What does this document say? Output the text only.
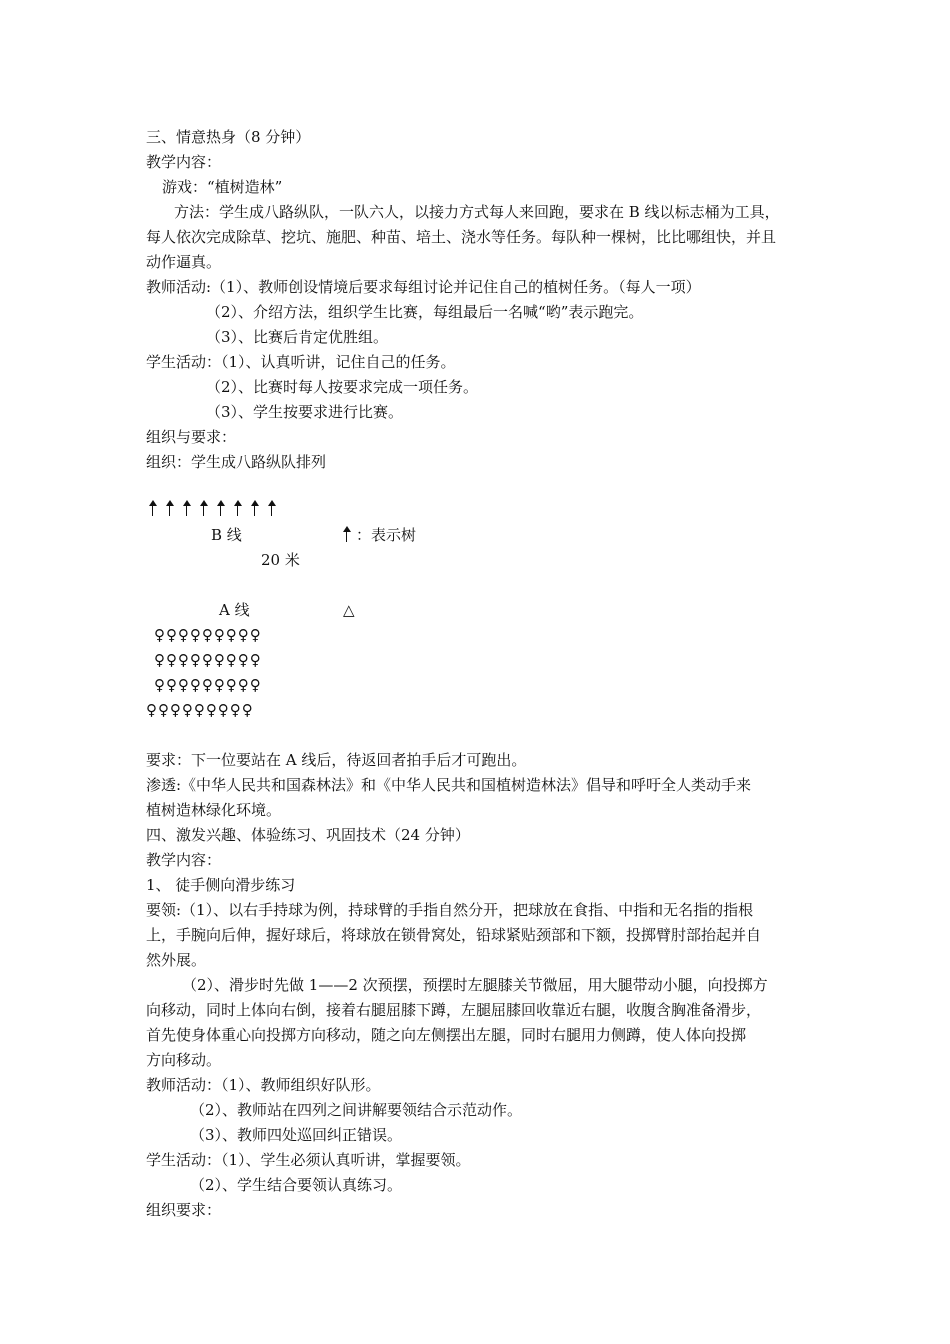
三、情意热身（8 分钟）
教学内容：
游戏：“植树造林”
方法：学生成八路纵队，一队六人，以接力方式每人来回跑，要求在 B 线以标志桶为工具，
每人依次完成除草、挖坑、施肥、种苗、培土、浇水等任务。每队种一棵树，比比哪组快，并且
动作逼真。
教师活动:（1）、教师创设情境后要求每组讨论并记住自己的植树任务。（每人一项）
（2）、介绍方法，组织学生比赛，每组最后一名喊“哟”表示跑完。
（3）、比赛后肯定优胜组。
学生活动：（1）、认真听讲，记住自己的任务。
（2）、比赛时每人按要求完成一项任务。
（3）、学生按要求进行比赛。
组织与要求：
组织：学生成八路纵队排列
B 线	：表示树
20 米
A 线	△
♀♀♀♀♀♀♀♀♀
♀♀♀♀♀♀♀♀♀
♀♀♀♀♀♀♀♀♀
♀♀♀♀♀♀♀♀♀
要求：下一位要站在 A 线后，待返回者拍手后才可跑出。
渗透:《中华人民共和国森林法》和《中华人民共和国植树造林法》倡导和呼吁全人类动手来
植树造林绿化环境。
四、激发兴趣、体验练习、巩固技术（24 分钟）
教学内容：
1、 徒手侧向滑步练习
要领:（1）、以右手持球为例，持球臂的手指自然分开，把球放在食指、中指和无名指的指根
上，手腕向后伸，握好球后，将球放在锁骨窝处，铅球紧贴颈部和下额，投掷臂肘部抬起并自
然外展。
（2）、滑步时先做 1——2 次预摆，预摆时左腿膝关节微屈，用大腿带动小腿，向投掷方
向移动，同时上体向右倒，接着右腿屈膝下蹲，左腿屈膝回收靠近右腿，收腹含胸准备滑步，
首先使身体重心向投掷方向移动，随之向左侧摆出左腿，同时右腿用力侧蹲，使人体向投掷
方向移动。
教师活动：（1）、教师组织好队形。
（2）、教师站在四列之间讲解要领结合示范动作。
（3）、教师四处巡回纠正错误。
学生活动：（1）、学生必须认真听讲，掌握要领。
（2）、学生结合要领认真练习。
组织要求：
